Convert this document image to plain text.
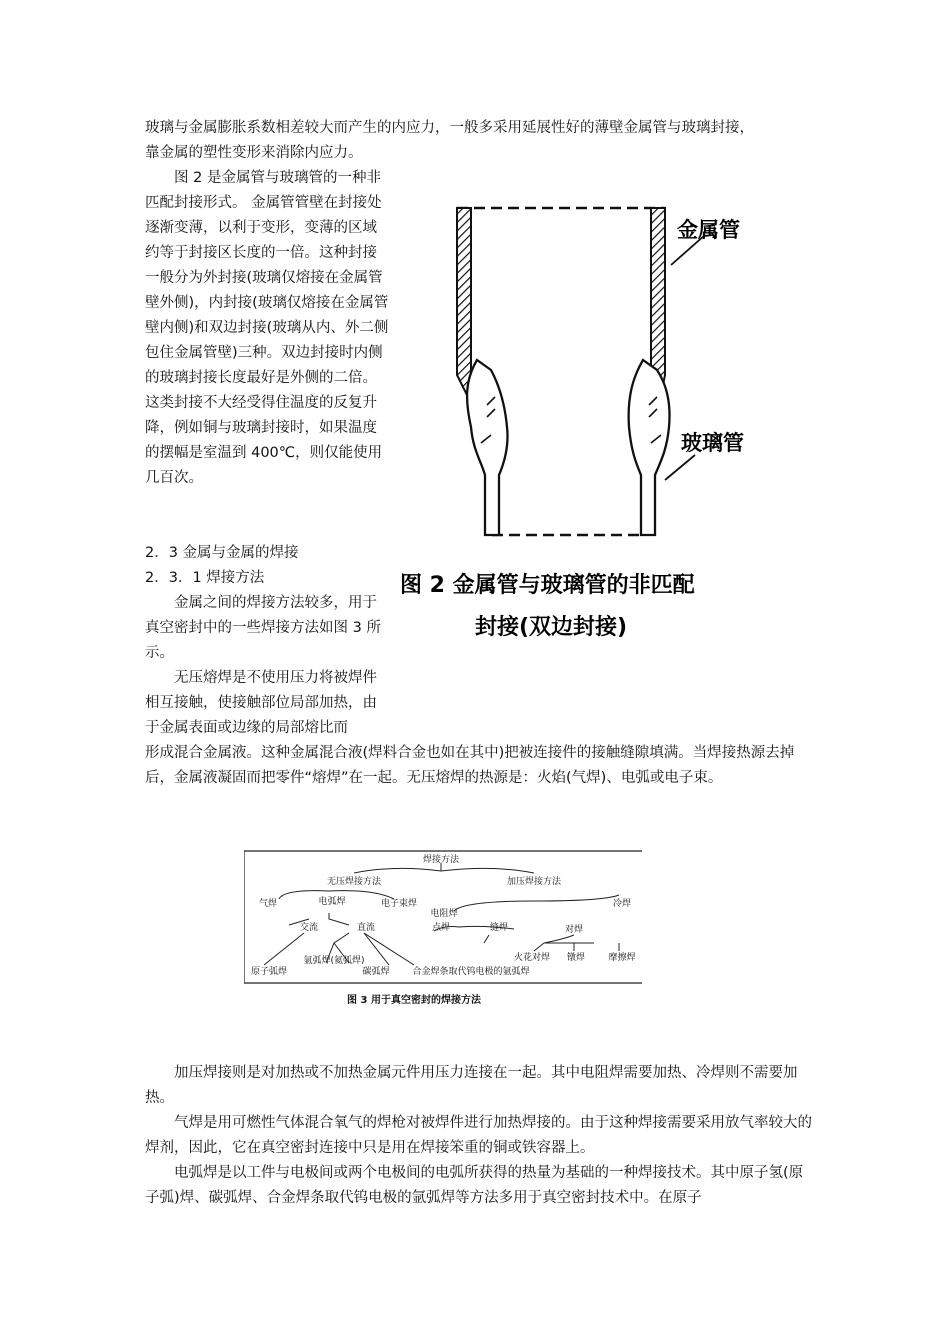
玻璃与金属膨胀系数相差较大而产生的内应力，一般多采用延展性好的薄壁金属管与玻璃封接，

靠金属的塑性变形来消除内应力。

图 2 是金属管与玻璃管的一种非匹配封接形式。 金属管管壁在封接处逐渐变薄，以利于变形，变薄的区域约等于封接区长度的一倍。这种封接一般分为外封接(玻璃仅熔接在金属管壁外侧)，内封接(玻璃仅熔接在金属管壁内侧)和双边封接(玻璃从内、外二侧包住金属管壁)三种。双边封接时内侧的玻璃封接长度最好是外侧的二倍。这类封接不大经受得住温度的反复升降，例如铜与玻璃封接时，如果温度的摆幅是室温到 400℃，则仅能使用几百次。

2．3 金属与金属的焊接
2．3．1 焊接方法

金属之间的焊接方法较多，用于真空密封中的一些焊接方法如图 3 所示。

无压熔焊是不使用压力将被焊件相互接触，使接触部位局部加热，由于金属表面或边缘的局部熔比而

形成混合金属液。这种金属混合液(焊料合金也如在其中)把被连接件的接触缝隙填满。当焊接热源去掉后，金属液凝固而把零件“熔焊”在一起。无压熔焊的热源是：火焰(气焊)、电弧或电子束。

金属管
玻璃管
图 2 金属管与玻璃管的非匹配
封接(双边封接)
焊接方法
无压焊接方法	加压焊接方法
气焊	电弧焊	电子束焊
电阻焊
冷焊
交流	直流	点焊	缝焊	对焊
原子弧焊
氩弧焊(氦弧焊)
碳弧焊	合金焊条取代钨电极的氩弧焊
火花对焊 镦焊	摩擦焊
图 3 用于真空密封的焊接方法

加压焊接则是对加热或不加热金属元件用压力连接在一起。其中电阻焊需要加热、冷焊则不需要加热。

气焊是用可燃性气体混合氧气的焊枪对被焊件进行加热焊接的。由于这种焊接需要采用放气率较大的焊剂，因此，它在真空密封连接中只是用在焊接笨重的铜或铁容器上。

电弧焊是以工件与电极间或两个电极间的电弧所获得的热量为基础的一种焊接技术。其中原子氢(原子弧)焊、碳弧焊、合金焊条取代钨电极的氩弧焊等方法多用于真空密封技术中。在原子
